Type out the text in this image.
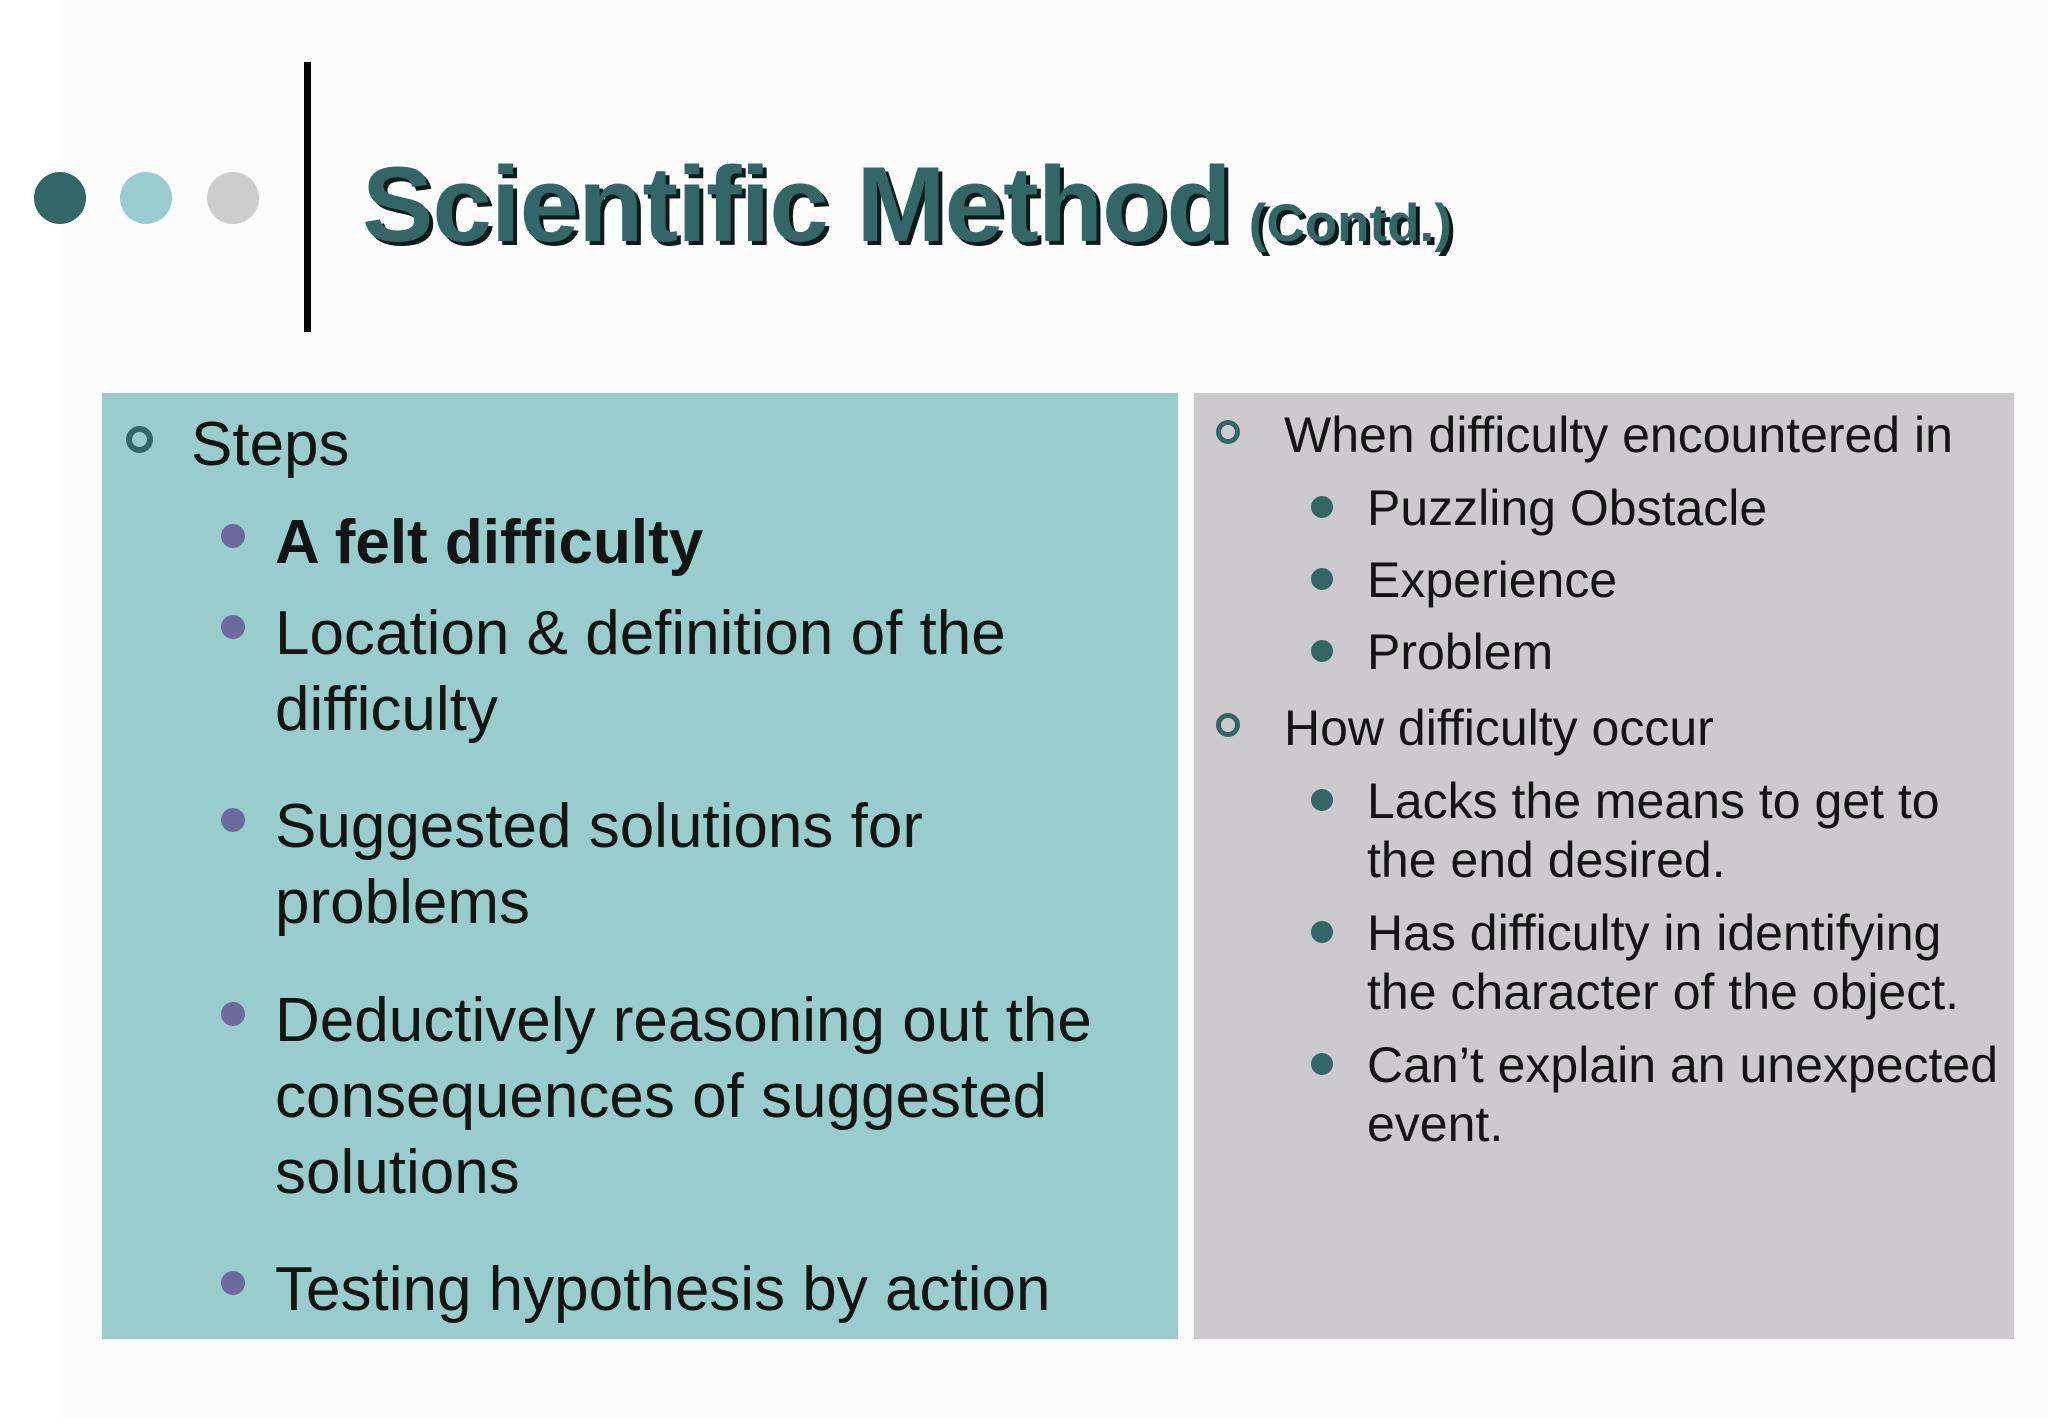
Scientific Method (Contd.)
Steps
A felt difficulty
Location & definition of the
difficulty
Suggested solutions for
problems
Deductively reasoning out the
consequences of suggested
solutions
Testing hypothesis by action
When difficulty encountered in
Puzzling Obstacle
Experience
Problem
How difficulty occur
Lacks the means to get to
the end desired.
Has difficulty in identifying
the character of the object.
Can’t explain an unexpected
event.
